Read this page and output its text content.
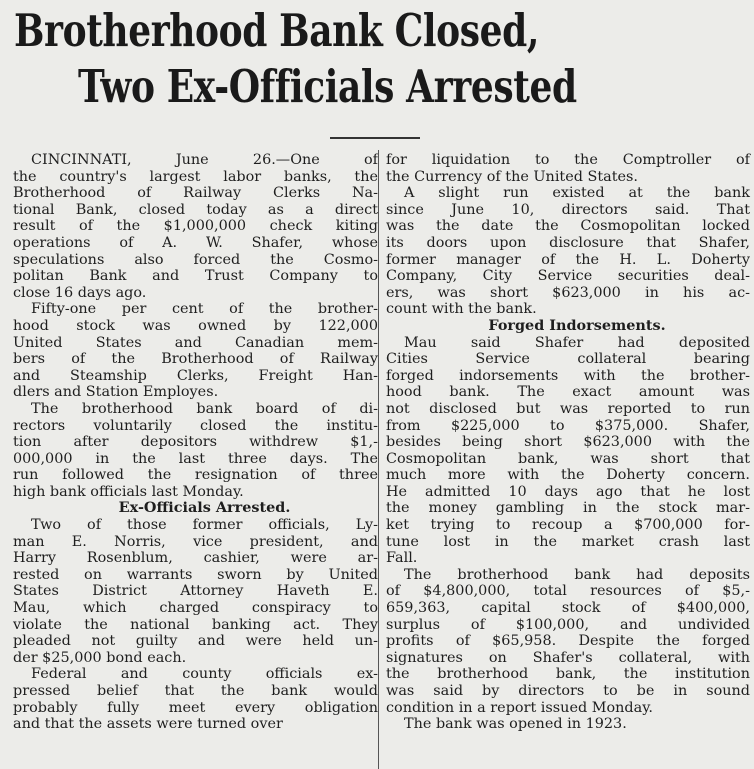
Brotherhood Bank Closed,
Two Ex-Officials Arrested

CINCINNATI, June 26.—One of
the country's largest labor banks, the
Brotherhood of Railway Clerks Na-
tional Bank, closed today as a direct
result of the $1,000,000 check kiting
operations of A. W. Shafer, whose
speculations also forced the Cosmo-
politan Bank and Trust Company to
close 16 days ago.

Fifty-one per cent of the brother-
hood stock was owned by 122,000
United States and Canadian mem-
bers of the Brotherhood of Railway
and Steamship Clerks, Freight Han-
dlers and Station Employes.

The brotherhood bank board of di-
rectors voluntarily closed the institu-
tion after depositors withdrew $1,-
000,000 in the last three days. The
run followed the resignation of three
high bank officials last Monday.

Ex-Officials Arrested.

Two of those former officials, Ly-
man E. Norris, vice president, and
Harry Rosenblum, cashier, were ar-
rested on warrants sworn by United
States District Attorney Haveth E.
Mau, which charged conspiracy to
violate the national banking act. They
pleaded not guilty and were held un-
der $25,000 bond each.

Federal and county officials ex-
pressed belief that the bank would
probably fully meet every obligation
and that the assets were turned over

for liquidation to the Comptroller of
the Currency of the United States.

A slight run existed at the bank
since June 10, directors said. That
was the date the Cosmopolitan locked
its doors upon disclosure that Shafer,
former manager of the H. L. Doherty
Company, City Service securities deal-
ers, was short $623,000 in his ac-
count with the bank.

Forged Indorsements.

Mau said Shafer had deposited
Cities Service collateral bearing
forged indorsements with the brother-
hood bank. The exact amount was
not disclosed but was reported to run
from $225,000 to $375,000. Shafer,
besides being short $623,000 with the
Cosmopolitan bank, was short that
much more with the Doherty concern.
He admitted 10 days ago that he lost
the money gambling in the stock mar-
ket trying to recoup a $700,000 for-
tune lost in the market crash last
Fall.

The brotherhood bank had deposits
of $4,800,000, total resources of $5,-
659,363, capital stock of $400,000,
surplus of $100,000, and undivided
profits of $65,958. Despite the forged
signatures on Shafer's collateral, with
the brotherhood bank, the institution
was said by directors to be in sound
condition in a report issued Monday.

The bank was opened in 1923.
